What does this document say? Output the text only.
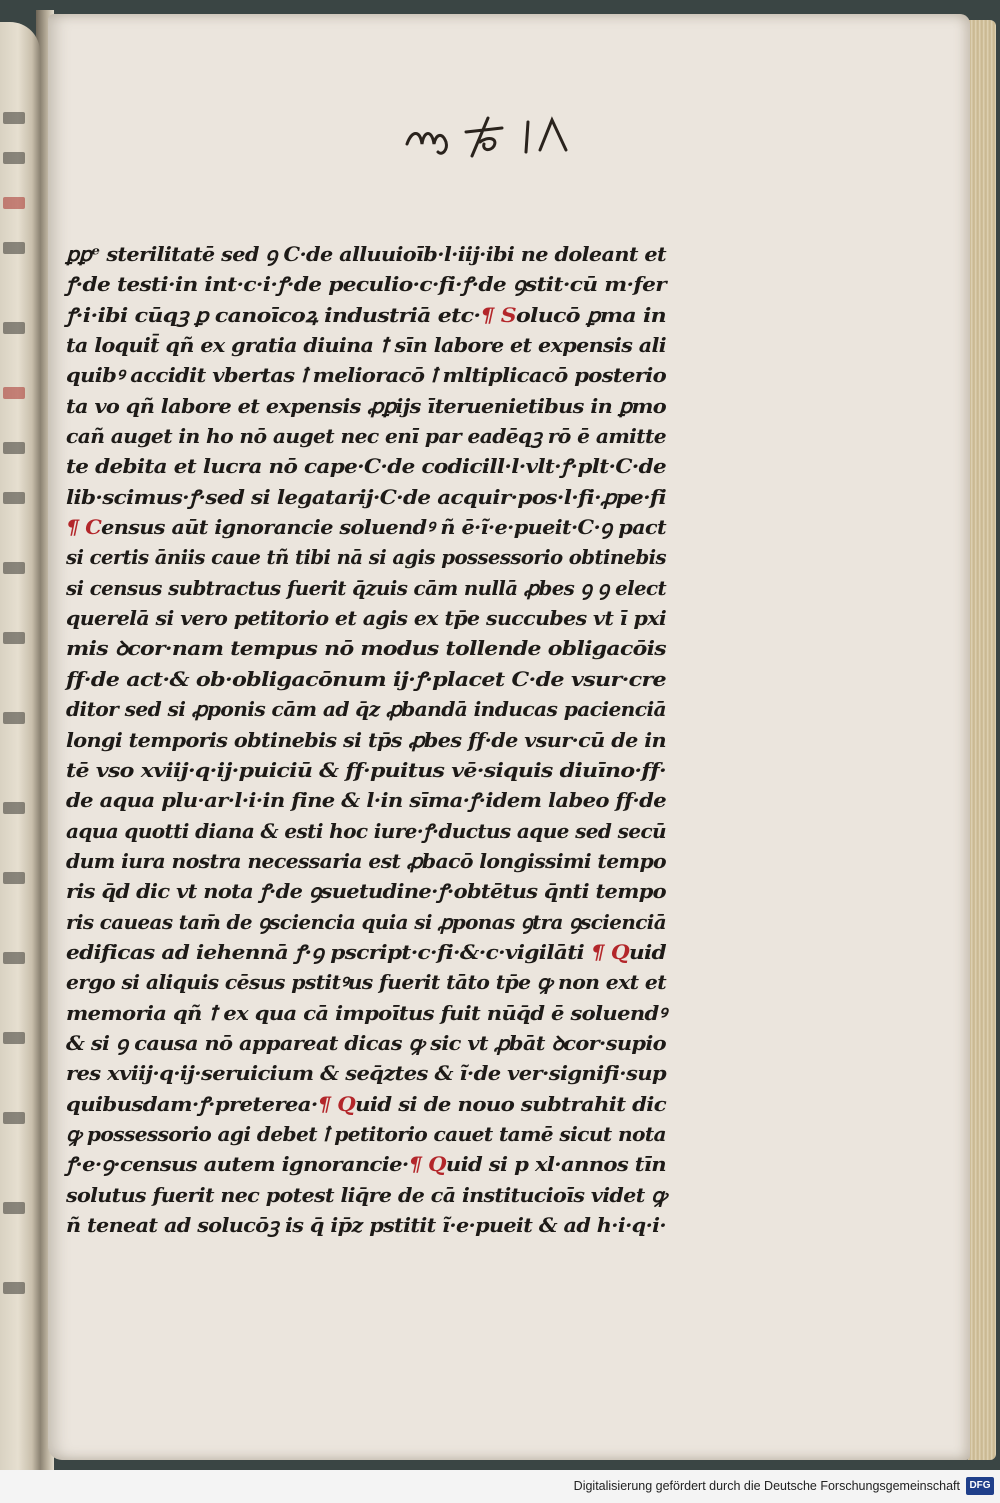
ꝑꝑᵉ sterilitatē sed ꝯ C·de alluuioīb·l·iij·ibi ne doleant et
ꝭ·de testi·in int·c·i·ꝭ·de peculio·c·fi·ꝭ·de ꝯstit·cū m·fer
ꝭ·i·ibi cūqꝫ ꝑ canoīcoꝝ industriā etc·¶ Solucō ꝑma in
ta loquit̄ qñ ex gratia diuina ꝉ sīn labore et expensis ali
quibꝰ accidit vbertas ꝉ melioracō ꝉ mltiplicacō posterio
ta vo qñ labore et expensis ꝓꝑijs īteruenietibus in ꝑmo
cañ auget in ho nō auget nec enī par eadēqꝫ rō ē amitte
te debita et lucra nō cape·C·de codicill·l·vlt·ꝭ·plt·C·de
lib·scimus·ꝭ·sed si legatarij·C·de acquir·pos·l·fi·ꝓpe·fi
¶ Census aūt ignorancie soluendꝰ ñ ē·ĩ·e·pueit·C·ꝯ pact
si certis āniis caue tñ tibi nā si agis possessorio obtinebis
si census subtractus fuerit q̄zuis cām nullā ꝓbes ꝯ ꝯ elect
querelā si vero petitorio et agis ex tp̄e succubes vt ī pxi
mis ꝺcor·nam tempus nō modus tollende obligacōis
ff·de act·& ob·obligacōnum ij·ꝭ·placet C·de vsur·cre
ditor sed si ꝓponis cām ad q̄z ꝓbandā inducas pacienciā
longi temporis obtinebis si tp̄s ꝓbes ff·de vsur·cū de in
tē vso xviij·q·ij·puiciū & ff·puitus vē·siquis diuīno·ff·
de aqua plu·ar·l·i·in fine & l·in sīma·ꝭ·idem labeo ff·de
aqua quotti diana & esti hoc iure·ꝭ·ductus aque sed secū
dum iura nostra necessaria est ꝓbacō longissimi tempo
ris q̄d dic vt nota ꝭ·de ꝯsuetudine·ꝭ·obtētus q̄nti tempo
ris caueas tam̄ de ꝯsciencia quia si ꝓponas ꝯtra ꝯscienciā
edificas ad iehennā ꝭ·ꝯ pscript·c·fi·&·c·vigilāti ¶ Quid
ergo si aliquis cēsus pstitꝰus fuerit tāto tp̄e ꝙ non ext et
memoria qñ ꝉ ex qua cā impoītus fuit nūq̄d ē soluendꝰ
& si ꝯ causa nō appareat dicas ꝙ sic vt ꝓbāt ꝺcor·supio
res xviij·q·ij·seruicium & seq̄ztes & ĩ·de ver·signifi·sup
quibusdam·ꝭ·preterea·¶ Quid si de nouo subtrahit dic
ꝙ possessorio agi debet ꝉ petitorio cauet tamē sicut nota
ꝭ·e·ꝯ·census autem ignorancie·¶ Quid si p xl·annos tīn
solutus fuerit nec potest liq̄re de cā institucioīs videt ꝙ
ñ teneat ad solucōꝫ is q̄ ip̄z pstitit ĩ·e·pueit & ad h·i·q·i·
Digitalisierung gefördert durch die Deutsche Forschungsgemeinschaft DFG
